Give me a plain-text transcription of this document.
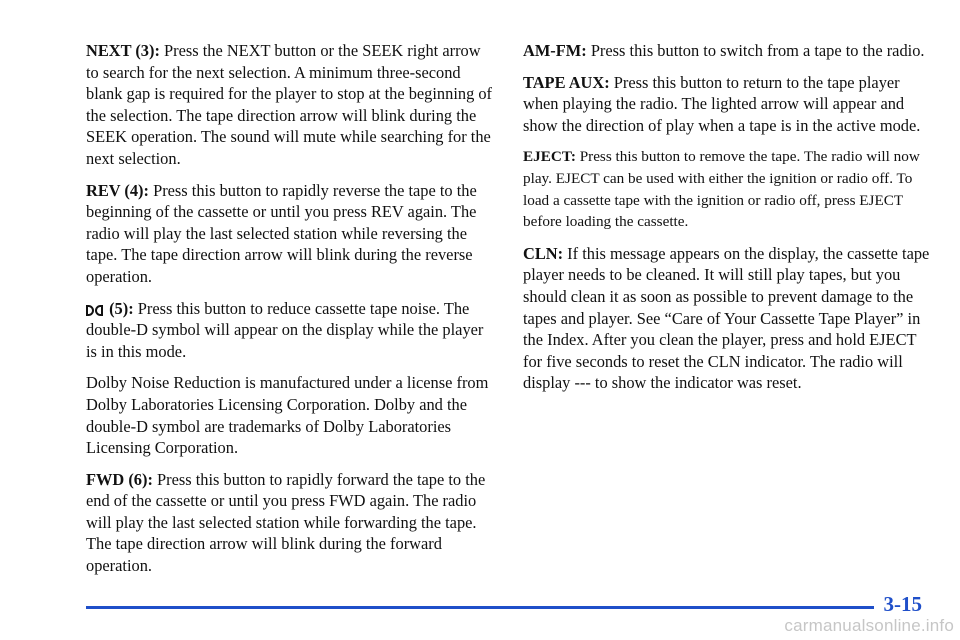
NEXT (3): Press the NEXT button or the SEEK right arrow to search for the next selection. A minimum three-second blank gap is required for the player to stop at the beginning of the selection. The tape direction arrow will blink during the SEEK operation. The sound will mute while searching for the next selection.

REV (4): Press this button to rapidly reverse the tape to the beginning of the cassette or until you press REV again. The radio will play the last selected station while reversing the tape. The tape direction arrow will blink during the reverse operation.

(5): Press this button to reduce cassette tape noise. The double-D symbol will appear on the display while the player is in this mode.

Dolby Noise Reduction is manufactured under a license from Dolby Laboratories Licensing Corporation. Dolby and the double-D symbol are trademarks of Dolby Laboratories Licensing Corporation.

FWD (6): Press this button to rapidly forward the tape to the end of the cassette or until you press FWD again. The radio will play the last selected station while forwarding the tape. The tape direction arrow will blink during the forward operation.

AM-FM: Press this button to switch from a tape to the radio.

TAPE AUX: Press this button to return to the tape player when playing the radio. The lighted arrow will appear and show the direction of play when a tape is in the active mode.

EJECT: Press this button to remove the tape. The radio will now play. EJECT can be used with either the ignition or radio off. To load a cassette tape with the ignition or radio off, press EJECT before loading the cassette.

CLN: If this message appears on the display, the cassette tape player needs to be cleaned. It will still play tapes, but you should clean it as soon as possible to prevent damage to the tapes and player. See “Care of Your Cassette Tape Player” in the Index. After you clean the player, press and hold EJECT for five seconds to reset the CLN indicator. The radio will display --- to show the indicator was reset.

3-15
carmanualsonline.info
